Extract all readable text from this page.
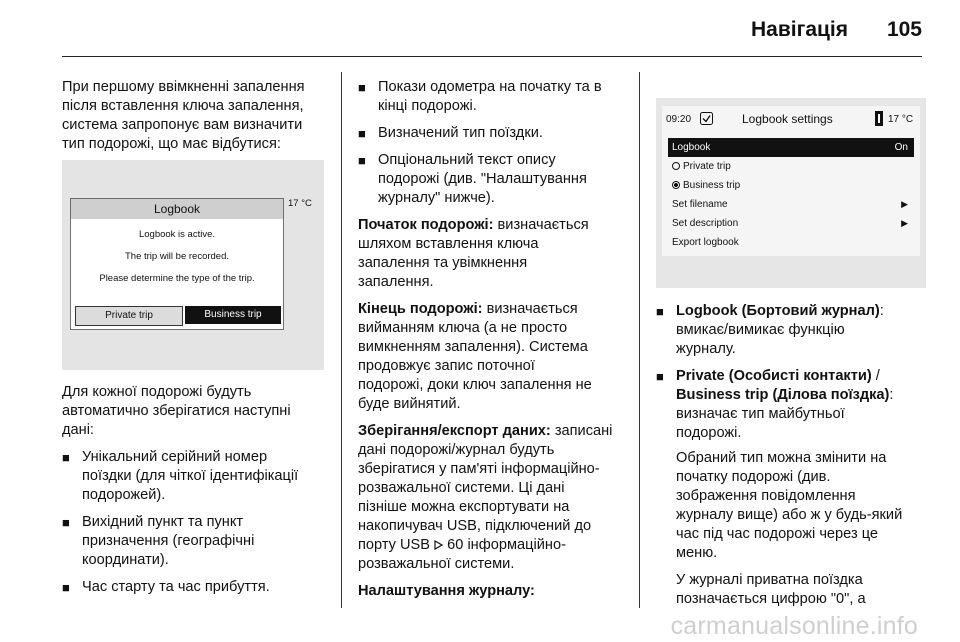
Навігація 105

При першому ввімкненні запалення
після вставлення ключа запалення,
система запропонує вам визначити
тип подорожі, що має відбутися:

Logbook
Logbook is active.
The trip will be recorded.
Please determine the type of the trip.
Private trip	Business trip
17 °C

Для кожної подорожі будуть
автоматично зберігатися наступні
дані:

■ Унікальний серійний номер
поїздки (для чіткої ідентифікації
подорожей).
■ Вихідний пункт та пункт
призначення (географічні
координати).
■ Час старту та час прибуття.
■ Покази одометра на початку та в
кінці подорожі.
■ Визначений тип поїздки.
■ Опціональний текст опису
подорожі (див. "Налаштування
журналу" нижче).

Початок подорожі: визначається
шляхом вставлення ключа
запалення та увімкнення
запалення.

Кінець подорожі: визначається
вийманням ключа (а не просто
вимкненням запалення). Система
продовжує запис поточної
подорожі, доки ключ запалення не
буде вийнятий.

Зберігання/експорт даних: записані
дані подорожі/журнал будуть
зберігатися у пам'яті інформаційно-
розважальної системи. Ці дані
пізніше можна експортувати на
накопичувач USB, підключений до
порту USB 60 інформаційно-
розважальної системи.

Налаштування журналу:

09:20	Logbook settings	17 °C
Logbook	On
Private trip
Business trip
Set filename	▶
Set description	▶
Export logbook
■ Logbook (Бортовий журнал):
вмикає/вимикає функцію
журналу.
■ Private (Особисті контакти) /
Business trip (Ділова поїздка):
визначає тип майбутньої
подорожі.

Обраний тип можна змінити на
початку подорожі (див.
зображення повідомлення
журналу вище) або ж у будь-який
час під час подорожі через це
меню.

У журналі приватна поїздка
позначається цифрою "0", а

carmanualsonline.info
